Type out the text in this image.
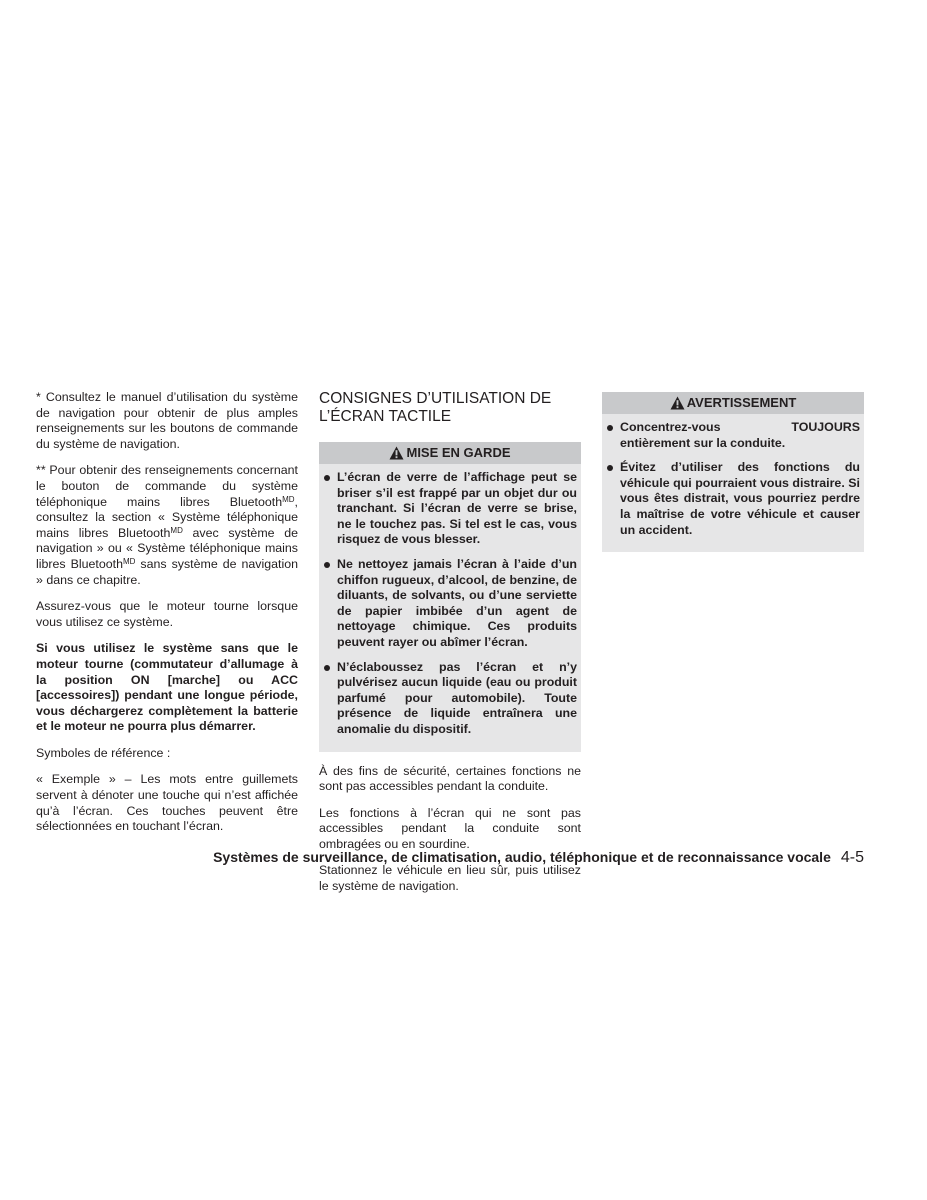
* Consultez le manuel d’utilisation du système de navigation pour obtenir de plus amples renseignements sur les boutons de commande du système de navigation.

** Pour obtenir des renseignements concernant le bouton de commande du système téléphonique mains libres Bluetooth$^{MD}$, consultez la section « Système téléphonique mains libres Bluetooth$^{MD}$ avec système de navigation » ou « Système téléphonique mains libres Bluetooth$^{MD}$ sans système de navigation » dans ce chapitre.

Assurez-vous que le moteur tourne lorsque vous utilisez ce système.

Si vous utilisez le système sans que le moteur tourne (commutateur d’allumage à la position ON [marche] ou ACC [accessoires]) pendant une longue période, vous déchargerez complètement la batterie et le moteur ne pourra plus démarrer.

Symboles de référence :

« Exemple » – Les mots entre guillemets servent à dénoter une touche qui n’est affichée qu’à l’écran. Ces touches peuvent être sélectionnées en touchant l’écran.

CONSIGNES D’UTILISATION DE
L’ÉCRAN TACTILE
MISE EN GARDE
L’écran de verre de l’affichage peut se briser s’il est frappé par un objet dur ou tranchant. Si l’écran de verre se brise, ne le touchez pas. Si tel est le cas, vous risquez de vous blesser.
Ne nettoyez jamais l’écran à l’aide d’un chiffon rugueux, d’alcool, de benzine, de diluants, de solvants, ou d’une serviette de papier imbibée d’un agent de nettoyage chimique. Ces produits peuvent rayer ou abîmer l’écran.
N’éclaboussez pas l’écran et n’y pulvérisez aucun liquide (eau ou produit parfumé pour automobile). Toute présence de liquide entraînera une anomalie du dispositif.

À des fins de sécurité, certaines fonctions ne sont pas accessibles pendant la conduite.

Les fonctions à l’écran qui ne sont pas accessibles pendant la conduite sont ombragées ou en sourdine.

Stationnez le véhicule en lieu sûr, puis utilisez le système de navigation.

AVERTISSEMENT
Concentrez-vous TOUJOURS entièrement sur la conduite.
Évitez d’utiliser des fonctions du véhicule qui pourraient vous distraire. Si vous êtes distrait, vous pourriez perdre la maîtrise de votre véhicule et causer un accident.
Systèmes de surveillance, de climatisation, audio, téléphonique et de reconnaissance vocale 4-5
